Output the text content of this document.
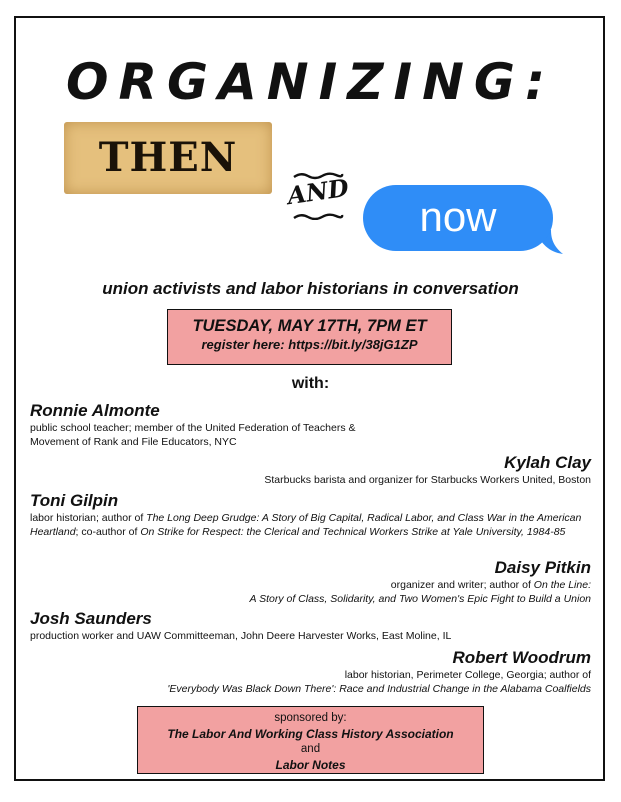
ORGANIZING:
THEN
AND
now
union activists and labor historians in conversation
TUESDAY, MAY 17TH, 7PM ET
register here: https://bit.ly/38jG1ZP
with:
Ronnie Almonte
public school teacher; member of the United Federation of Teachers &
Movement of Rank and File Educators, NYC
Kylah Clay
Starbucks barista and organizer for Starbucks Workers United, Boston
Toni Gilpin
labor historian; author of The Long Deep Grudge: A Story of Big Capital, Radical Labor, and Class War in the American Heartland; co-author of On Strike for Respect: the Clerical and Technical Workers Strike at Yale University, 1984-85
Daisy Pitkin
organizer and writer; author of On the Line:
A Story of Class, Solidarity, and Two Women's Epic Fight to Build a Union
Josh Saunders
production worker and UAW Committeeman, John Deere Harvester Works, East Moline, IL
Robert Woodrum
labor historian, Perimeter College, Georgia; author of
'Everybody Was Black Down There': Race and Industrial Change in the Alabama Coalfields
sponsored by:
The Labor And Working Class History Association
and
Labor Notes
